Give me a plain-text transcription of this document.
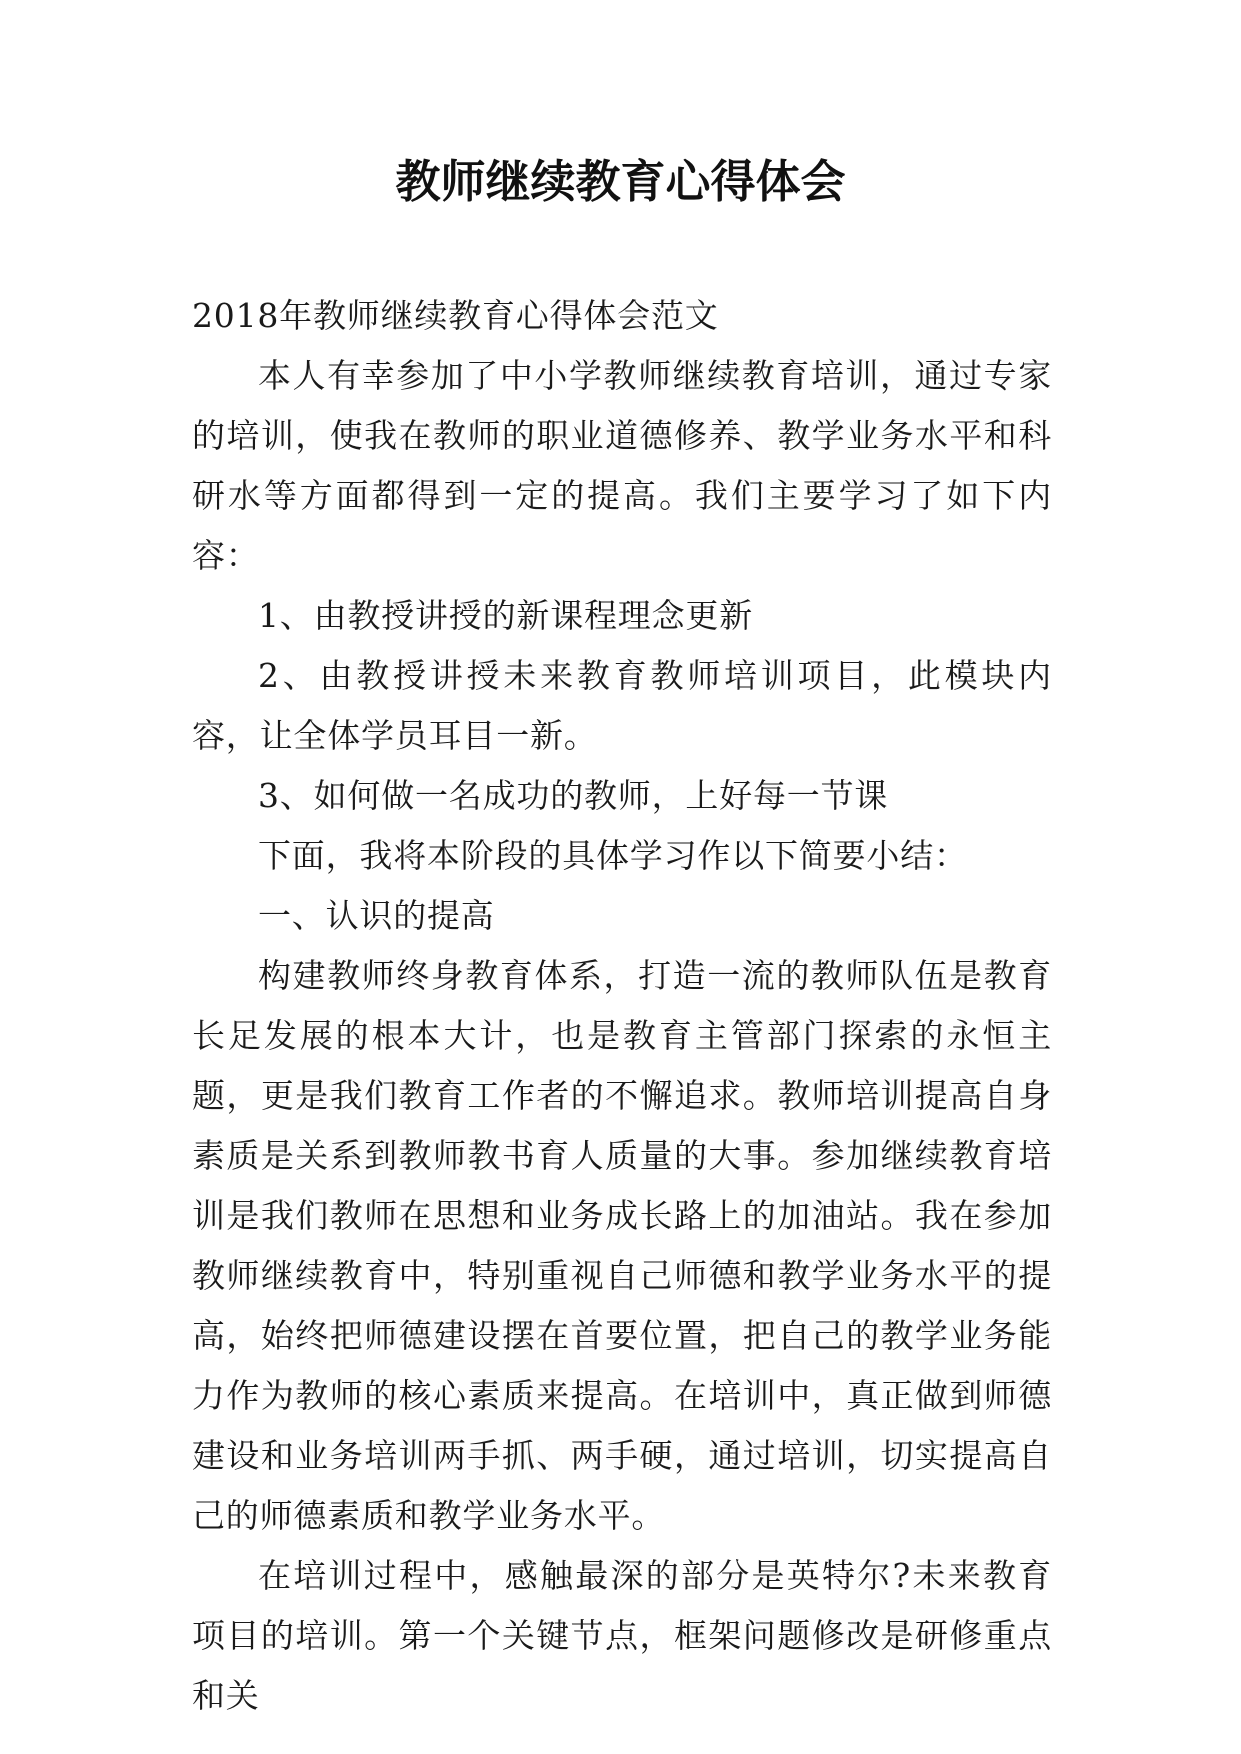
教师继续教育心得体会

2018年教师继续教育心得体会范文

本人有幸参加了中小学教师继续教育培训，通过专家的培训，使我在教师的职业道德修养、教学业务水平和科研水等方面都得到一定的提高。我们主要学习了如下内容：

1、由教授讲授的新课程理念更新

2、由教授讲授未来教育教师培训项目，此模块内容，让全体学员耳目一新。

3、如何做一名成功的教师，上好每一节课

下面，我将本阶段的具体学习作以下简要小结：

一、认识的提高

构建教师终身教育体系，打造一流的教师队伍是教育长足发展的根本大计，也是教育主管部门探索的永恒主题，更是我们教育工作者的不懈追求。教师培训提高自身素质是关系到教师教书育人质量的大事。参加继续教育培训是我们教师在思想和业务成长路上的加油站。我在参加教师继续教育中，特别重视自己师德和教学业务水平的提高，始终把师德建设摆在首要位置，把自己的教学业务能力作为教师的核心素质来提高。在培训中，真正做到师德建设和业务培训两手抓、两手硬，通过培训，切实提高自己的师德素质和教学业务水平。

在培训过程中，感触最深的部分是英特尔?未来教育项目的培训。第一个关键节点，框架问题修改是研修重点和关
